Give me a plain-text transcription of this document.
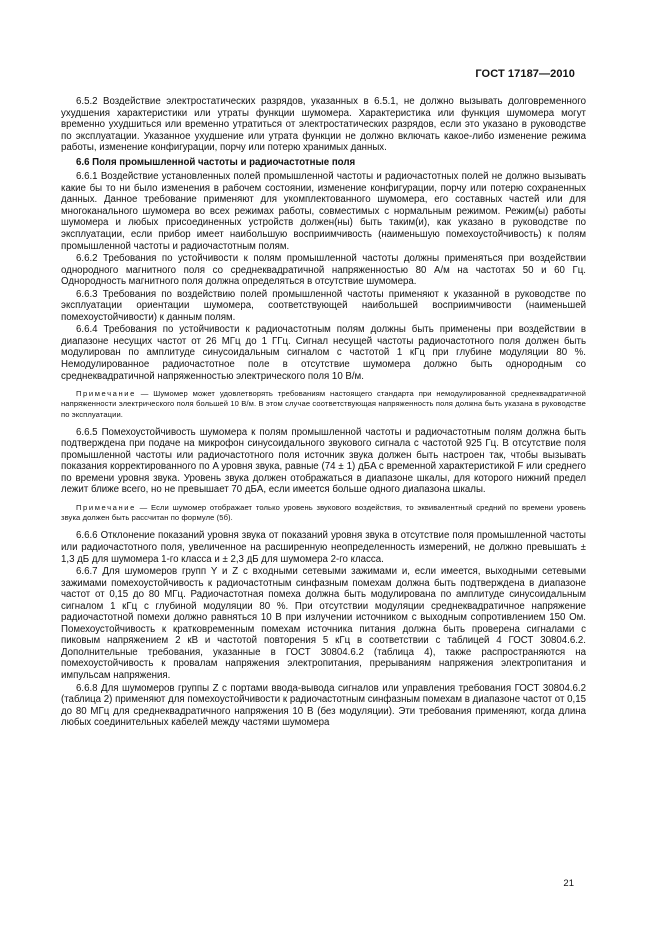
ГОСТ 17187—2010

6.5.2 Воздействие электростатических разрядов, указанных в 6.5.1, не должно вызывать долговременного ухудшения характеристики или утраты функции шумомера. Характеристика или функция шумомера могут временно ухудшиться или временно утратиться от электростатических разрядов, если это указано в руководстве по эксплуатации. Указанное ухудшение или утрата функции не должно включать какое-либо изменение режима работы, изменение конфигурации, порчу или потерю хранимых данных.

6.6 Поля промышленной частоты и радиочастотные поля

6.6.1 Воздействие установленных полей промышленной частоты и радиочастотных полей не должно вызывать какие бы то ни было изменения в рабочем состоянии, изменение конфигурации, порчу или потерю сохраненных данных. Данное требование применяют для укомплектованного шумомера, его составных частей или для многоканального шумомера во всех режимах работы, совместимых с нормальным режимом. Режим(ы) работы шумомера и любых присоединенных устройств должен(ны) быть таким(и), как указано в руководстве по эксплуатации, если прибор имеет наибольшую восприимчивость (наименьшую помехоустойчивость) к полям промышленной частоты и радиочастотным полям.

6.6.2 Требования по устойчивости к полям промышленной частоты должны применяться при воздействии однородного магнитного поля со среднеквадратичной напряженностью 80 А/м на частотах 50 и 60 Гц. Однородность магнитного поля должна определяться в отсутствие шумомера.

6.6.3 Требования по воздействию полей промышленной частоты применяют к указанной в руководстве по эксплуатации ориентации шумомера, соответствующей наибольшей восприимчивости (наименьшей помехоустойчивости) к данным полям.

6.6.4 Требования по устойчивости к радиочастотным полям должны быть применены при воздействии в диапазоне несущих частот от 26 МГц до 1 ГГц. Сигнал несущей частоты радиочастотного поля должен быть модулирован по амплитуде синусоидальным сигналом с частотой 1 кГц при глубине модуляции 80 %. Немодулированное радиочастотное поле в отсутствие шумомера должно быть однородным со среднеквадратичной напряженностью электрического поля 10 В/м.

Примечание — Шумомер может удовлетворять требованиям настоящего стандарта при немодулированной среднеквадратичной напряженности электрического поля большей 10 В/м. В этом случае соответствующая напряженность поля должна быть указана в руководстве по эксплуатации.

6.6.5 Помехоустойчивость шумомера к полям промышленной частоты и радиочастотным полям должна быть подтверждена при подаче на микрофон синусоидального звукового сигнала с частотой 925 Гц. В отсутствие поля промышленной частоты или радиочастотного поля источник звука должен быть настроен так, чтобы вызывать показания корректированного по A уровня звука, равные (74 ± 1) дБA с временной характеристикой F или среднего по времени уровня звука. Уровень звука должен отображаться в диапазоне шкалы, для которого нижний предел лежит ближе всего, но не превышает 70 дБA, если имеется больше одного диапазона шкалы.

Примечание — Если шумомер отображает только уровень звукового воздействия, то эквивалентный средний по времени уровень звука должен быть рассчитан по формуле (5б).

6.6.6 Отклонение показаний уровня звука от показаний уровня звука в отсутствие поля промышленной частоты или радиочастотного поля, увеличенное на расширенную неопределенность измерений, не должно превышать ± 1,3 дБ для шумомера 1-го класса и ± 2,3 дБ для шумомера 2-го класса.

6.6.7 Для шумомеров групп Y и Z с входными сетевыми зажимами и, если имеется, выходными сетевыми зажимами помехоустойчивость к радиочастотным синфазным помехам должна быть подтверждена в диапазоне частот от 0,15 до 80 МГц. Радиочастотная помеха должна быть модулирована по амплитуде синусоидальным сигналом 1 кГц с глубиной модуляции 80 %. При отсутствии модуляции среднеквадратичное напряжение радиочастотной помехи должно равняться 10 В при излучении источником с выходным сопротивлением 150 Ом. Помехоустойчивость к кратковременным помехам источника питания должна быть проверена сигналами с пиковым напряжением 2 кВ и частотой повторения 5 кГц в соответствии с таблицей 4 ГОСТ 30804.6.2. Дополнительные требования, указанные в ГОСТ 30804.6.2 (таблица 4), также распространяются на помехоустойчивость к провалам напряжения электропитания, прерываниям напряжения электропитания и импульсам напряжения.

6.6.8 Для шумомеров группы Z с портами ввода-вывода сигналов или управления требования ГОСТ 30804.6.2 (таблица 2) применяют для помехоустойчивости к радиочастотным синфазным помехам в диапазоне частот от 0,15 до 80 МГц для среднеквадратичного напряжения 10 В (без модуляции). Эти требования применяют, когда длина любых соединительных кабелей между частями шумомера

21
